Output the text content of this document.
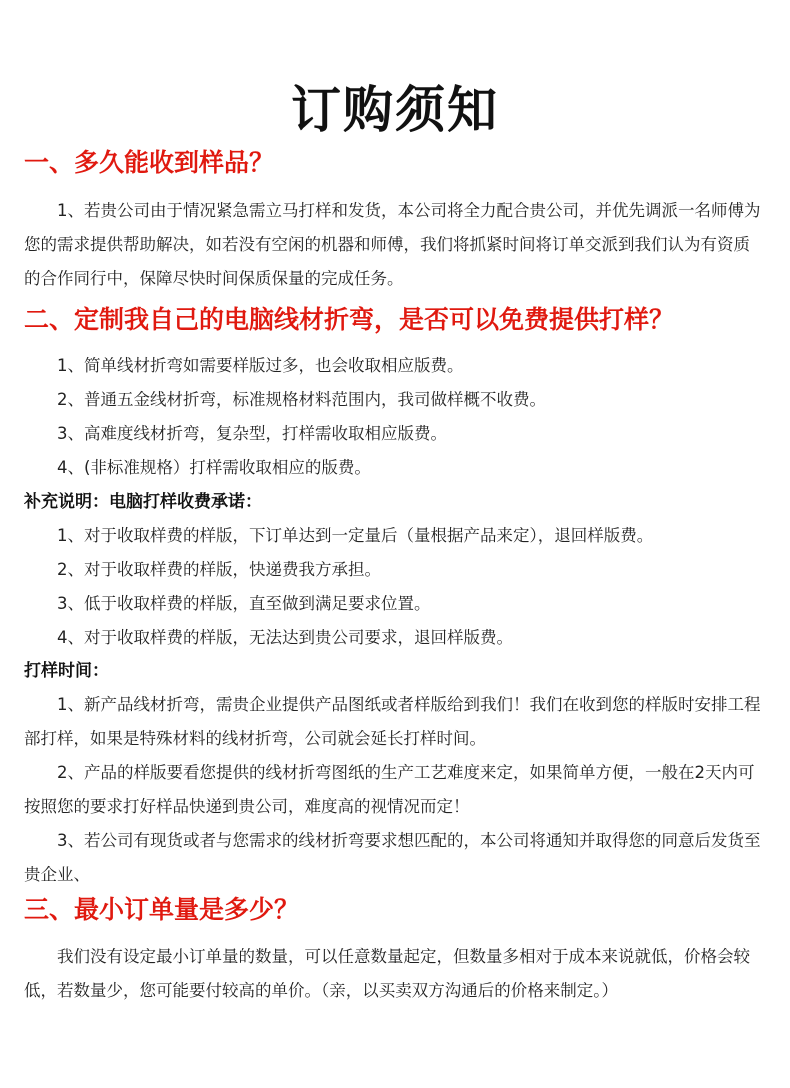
订购须知
一、多久能收到样品？

1、若贵公司由于情况紧急需立马打样和发货，本公司将全力配合贵公司，并优先调派一名师傅为您的需求提供帮助解决，如若没有空闲的机器和师傅，我们将抓紧时间将订单交派到我们认为有资质的合作同行中，保障尽快时间保质保量的完成任务。

二、定制我自己的电脑线材折弯，是否可以免费提供打样？

1、简单线材折弯如需要样版过多，也会收取相应版费。

2、普通五金线材折弯，标准规格材料范围内，我司做样概不收费。

3、高难度线材折弯，复杂型，打样需收取相应版费。

4、(非标准规格）打样需收取相应的版费。

补充说明：电脑打样收费承诺：

1、对于收取样费的样版，下订单达到一定量后（量根据产品来定），退回样版费。

2、对于收取样费的样版，快递费我方承担。

3、低于收取样费的样版，直至做到满足要求位置。

4、对于收取样费的样版，无法达到贵公司要求，退回样版费。

打样时间：

1、新产品线材折弯，需贵企业提供产品图纸或者样版给到我们！我们在收到您的样版时安排工程部打样，如果是特殊材料的线材折弯，公司就会延长打样时间。

2、产品的样版要看您提供的线材折弯图纸的生产工艺难度来定，如果简单方便，一般在2天内可按照您的要求打好样品快递到贵公司，难度高的视情况而定！

3、若公司有现货或者与您需求的线材折弯要求想匹配的，本公司将通知并取得您的同意后发货至贵企业、

三、最小订单量是多少？

我们没有设定最小订单量的数量，可以任意数量起定，但数量多相对于成本来说就低，价格会较低，若数量少，您可能要付较高的单价。（亲，以买卖双方沟通后的价格来制定。）
